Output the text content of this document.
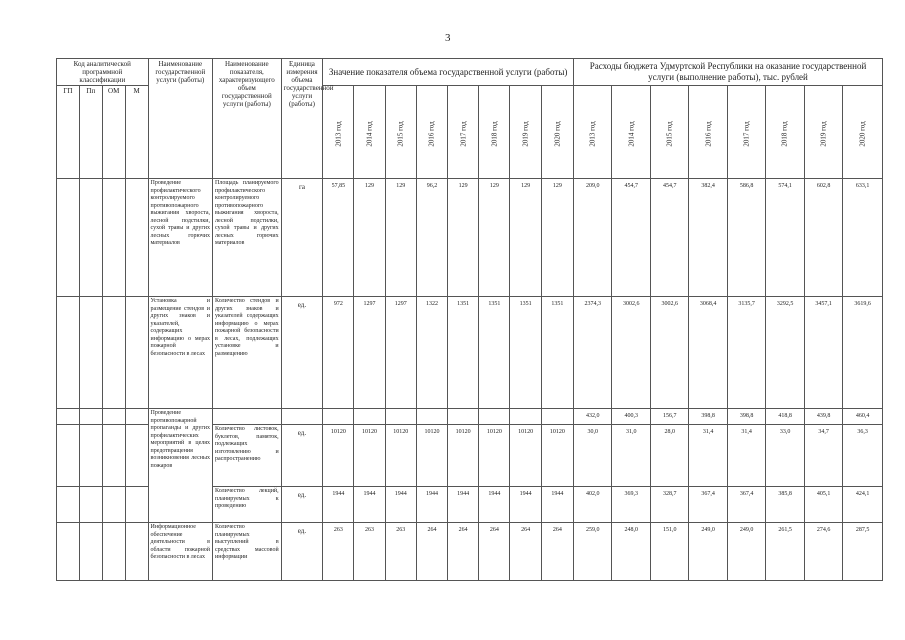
3
Код аналитической программной классификации				Наименование государственной услуги (работы)	Наименование показателя, характеризующего объем государственной услуги (работы)	Единица измерения объема государственной услуги (работы)	Значение показателя объема государственной услуги (работы)								Расходы бюджета Удмуртской Республики на оказание государственной услуги (выполнение работы), тыс. рублей							
ГП	Пп	ОМ	М				2013 год	2014 год	2015 год	2016 год	2017 год	2018 год	2019 год	2020 год	2013 год	2014 год	2015 год	2016 год	2017 год	2018 год	2019 год	2020 год

				Проведение профилактического контролируемого противопожарного выжигания хвороста, лесной подстилки, сухой травы и других лесных горючих материалов	Площадь планируемого профилактического контролируемого противопожарного выжигания хвороста, лесной подстилки, сухой травы и других лесных горючих материалов	га	57,85	129	129	96,2	129	129	129	129	209,0	454,7	454,7	382,4	586,8	574,1	602,8	633,1
				Установка и размещение стендов и других знаков и указателей, содержащих информацию о мерах пожарной безопасности в лесах	Количество стендов и других знаков и указателей содержащих информацию о мерах пожарной безопасности в лесах, подлежащих установке и размещению	ед.	972	1297	1297	1322	1351	1351	1351	1351	2374,3	3002,6	3002,6	3068,4	3135,7	3292,5	3457,1	3619,6
				Проведение противопожарной пропаганды и других профилактических мероприятий в целях предотвращения возникновения лесных пожаров											432,0	400,3	156,7	398,8	398,8	418,8	439,8	460,4
					Количество листовок, буклетов, памяток, подлежащих изготовлению и распространению	ед.	10120	10120	10120	10120	10120	10120	10120	10120	30,0	31,0	28,0	31,4	31,4	33,0	34,7	36,3
					Количество лекций, планируемых к проведению	ед.	1944	1944	1944	1944	1944	1944	1944	1944	402,0	369,3	328,7	367,4	367,4	385,8	405,1	424,1
				Информационное обеспечение деятельности в области пожарной безопасности в лесах	Количество планируемых выступлений в средствах массовой информации	ед.	263	263	263	264	264	264	264	264	259,0	248,0	151,0	249,0	249,0	261,5	274,6	287,5
